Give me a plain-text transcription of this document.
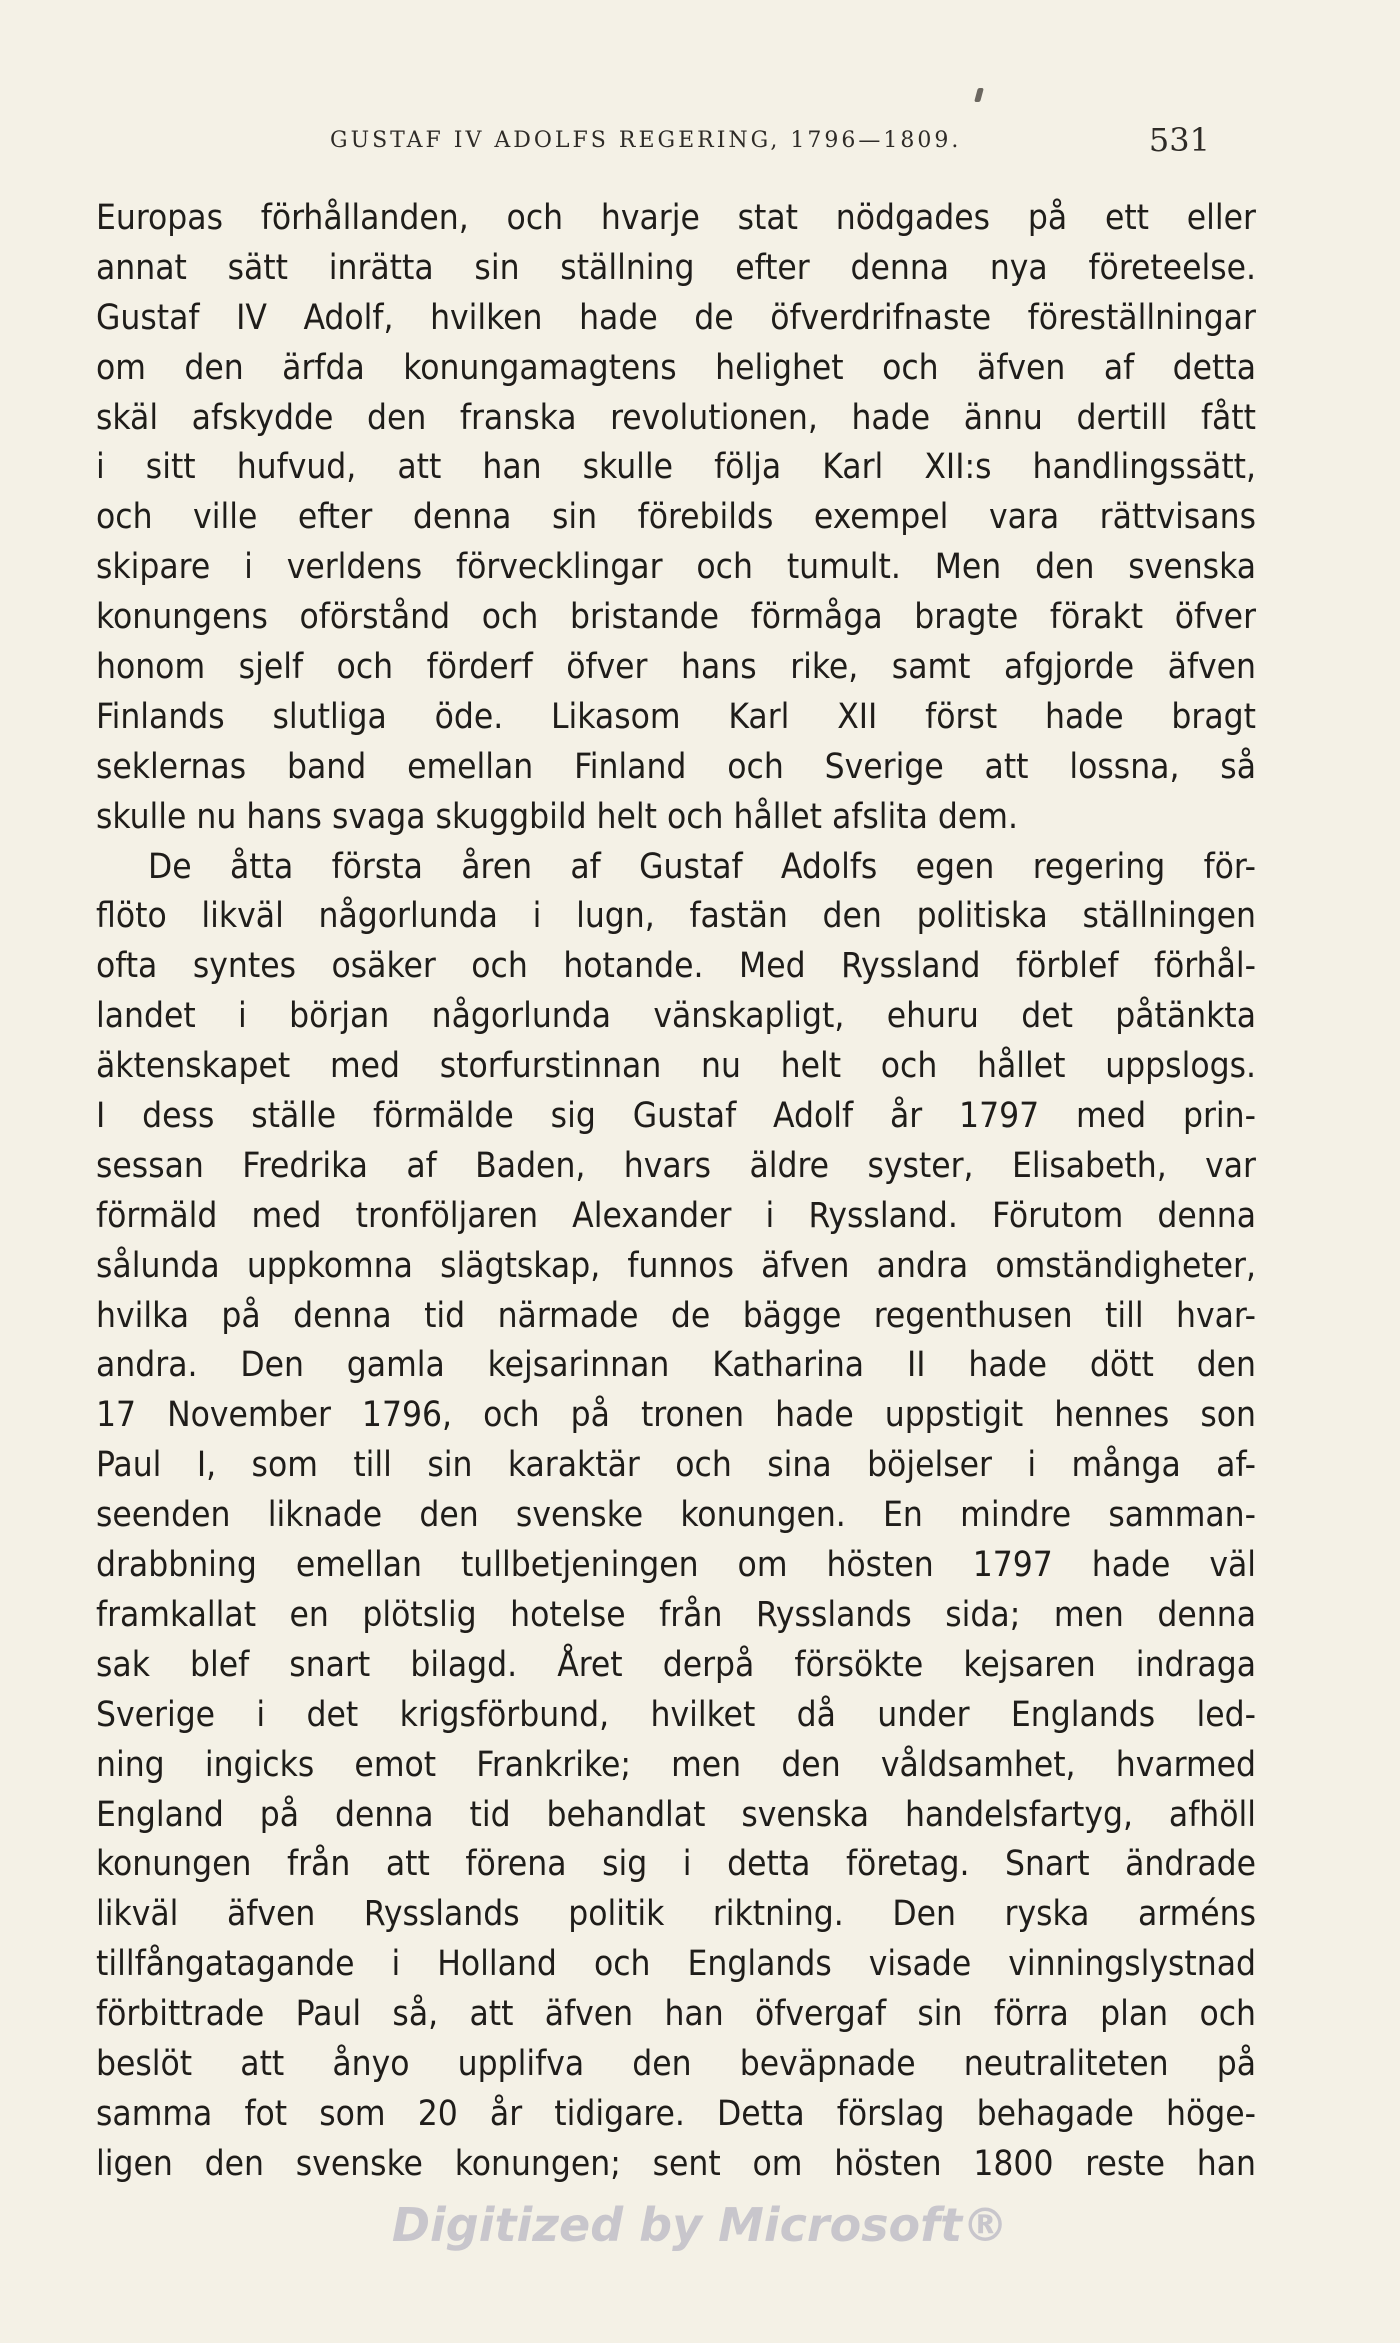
GUSTAF IV ADOLFS REGERING, 1796—1809.	531
Europas förhållanden, och hvarje stat nödgades på ett eller
annat sätt inrätta sin ställning efter denna nya företeelse.
Gustaf IV Adolf, hvilken hade de öfverdrifnaste föreställningar
om den ärfda konungamagtens helighet och äfven af detta
skäl afskydde den franska revolutionen, hade ännu dertill fått
i sitt hufvud, att han skulle följa Karl XII:s handlingssätt,
och ville efter denna sin förebilds exempel vara rättvisans
skipare i verldens förvecklingar och tumult. Men den svenska
konungens oförstånd och bristande förmåga bragte förakt öfver
honom sjelf och förderf öfver hans rike, samt afgjorde äfven
Finlands slutliga öde. Likasom Karl XII först hade bragt
seklernas band emellan Finland och Sverige att lossna, så
skulle nu hans svaga skuggbild helt och hållet afslita dem.
De åtta första åren af Gustaf Adolfs egen regering för-
flöto likväl någorlunda i lugn, fastän den politiska ställningen
ofta syntes osäker och hotande. Med Ryssland förblef förhål-
landet i början någorlunda vänskapligt, ehuru det påtänkta
äktenskapet med storfurstinnan nu helt och hållet uppslogs.
I dess ställe förmälde sig Gustaf Adolf år 1797 med prin-
sessan Fredrika af Baden, hvars äldre syster, Elisabeth, var
förmäld med tronföljaren Alexander i Ryssland. Förutom denna
sålunda uppkomna slägtskap, funnos äfven andra omständigheter,
hvilka på denna tid närmade de bägge regenthusen till hvar-
andra. Den gamla kejsarinnan Katharina II hade dött den
17 November 1796, och på tronen hade uppstigit hennes son
Paul I, som till sin karaktär och sina böjelser i många af-
seenden liknade den svenske konungen. En mindre samman-
drabbning emellan tullbetjeningen om hösten 1797 hade väl
framkallat en plötslig hotelse från Rysslands sida; men denna
sak blef snart bilagd. Året derpå försökte kejsaren indraga
Sverige i det krigsförbund, hvilket då under Englands led-
ning ingicks emot Frankrike; men den våldsamhet, hvarmed
England på denna tid behandlat svenska handelsfartyg, afhöll
konungen från att förena sig i detta företag. Snart ändrade
likväl äfven Rysslands politik riktning. Den ryska arméns
tillfångatagande i Holland och Englands visade vinningslystnad
förbittrade Paul så, att äfven han öfvergaf sin förra plan och
beslöt att ånyo upplifva den beväpnade neutraliteten på
samma fot som 20 år tidigare. Detta förslag behagade höge-
ligen den svenske konungen; sent om hösten 1800 reste han
Digitized by Microsoft®
